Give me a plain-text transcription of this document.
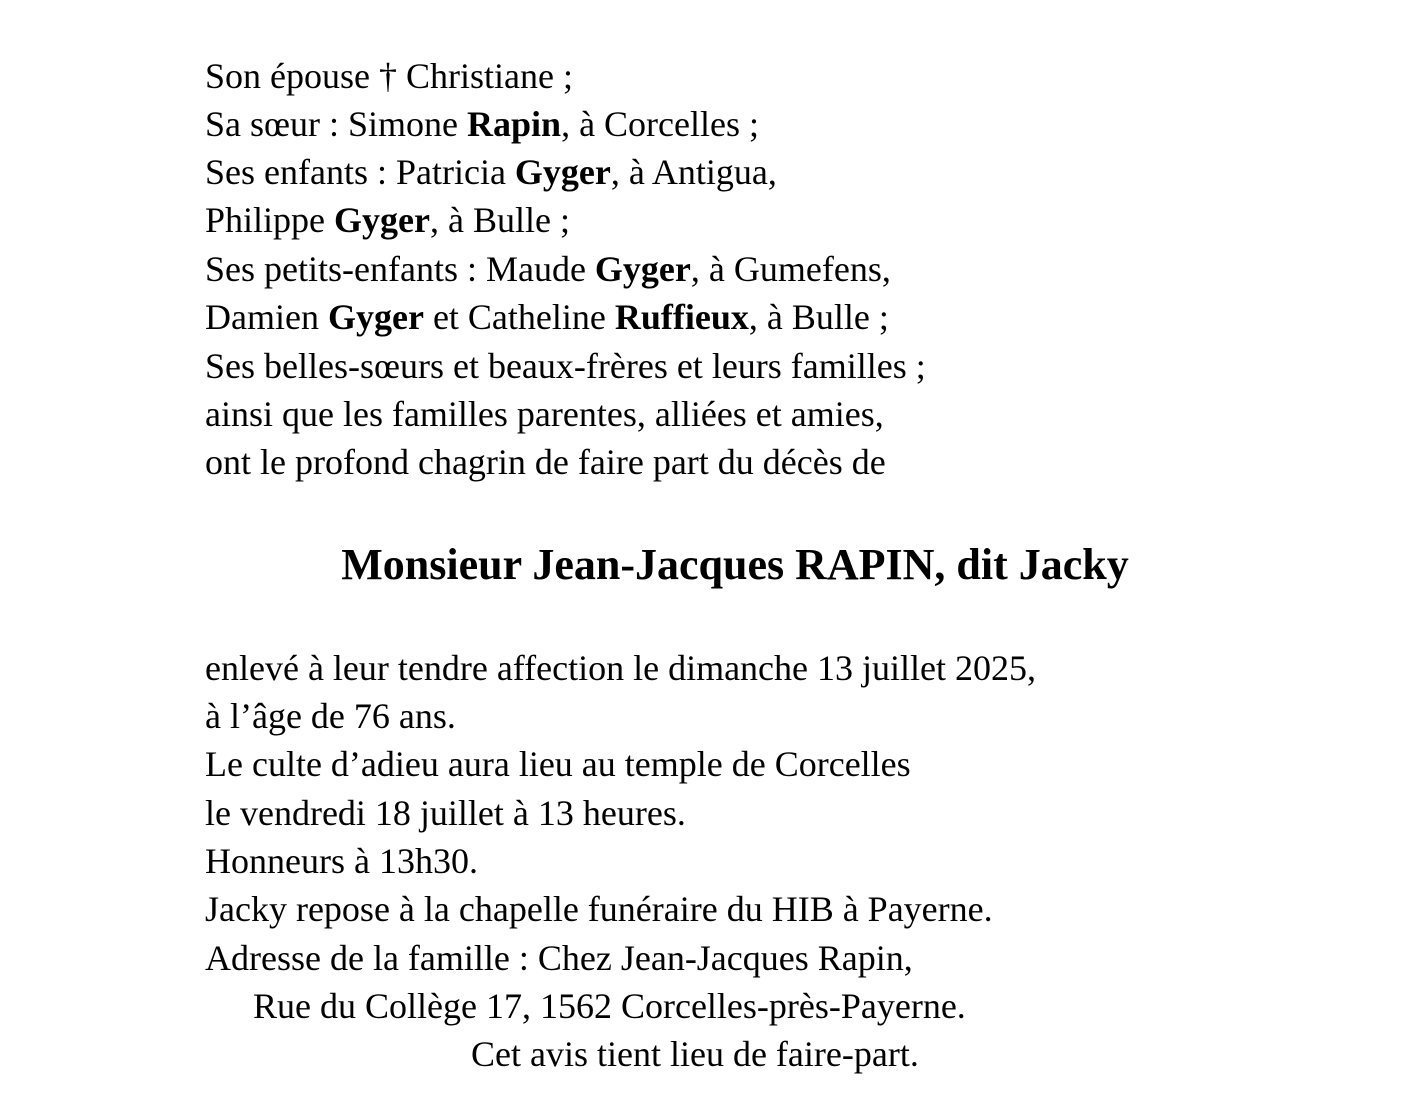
Son épouse † Christiane ;
Sa sœur : Simone Rapin, à Corcelles ;
Ses enfants : Patricia Gyger, à Antigua,
Philippe Gyger, à Bulle ;
Ses petits-enfants : Maude Gyger, à Gumefens,
Damien Gyger et Catheline Ruffieux, à Bulle ;
Ses belles-sœurs et beaux-frères et leurs familles ;
ainsi que les familles parentes, alliées et amies,
ont le profond chagrin de faire part du décès de
Monsieur Jean-Jacques RAPIN, dit Jacky
enlevé à leur tendre affection le dimanche 13 juillet 2025,
à l’âge de 76 ans.
Le culte d’adieu aura lieu au temple de Corcelles
le vendredi 18 juillet à 13 heures.
Honneurs à 13h30.
Jacky repose à la chapelle funéraire du HIB à Payerne.
Adresse de la famille : Chez Jean-Jacques Rapin,
Rue du Collège 17, 1562 Corcelles-près-Payerne.
Cet avis tient lieu de faire-part.
